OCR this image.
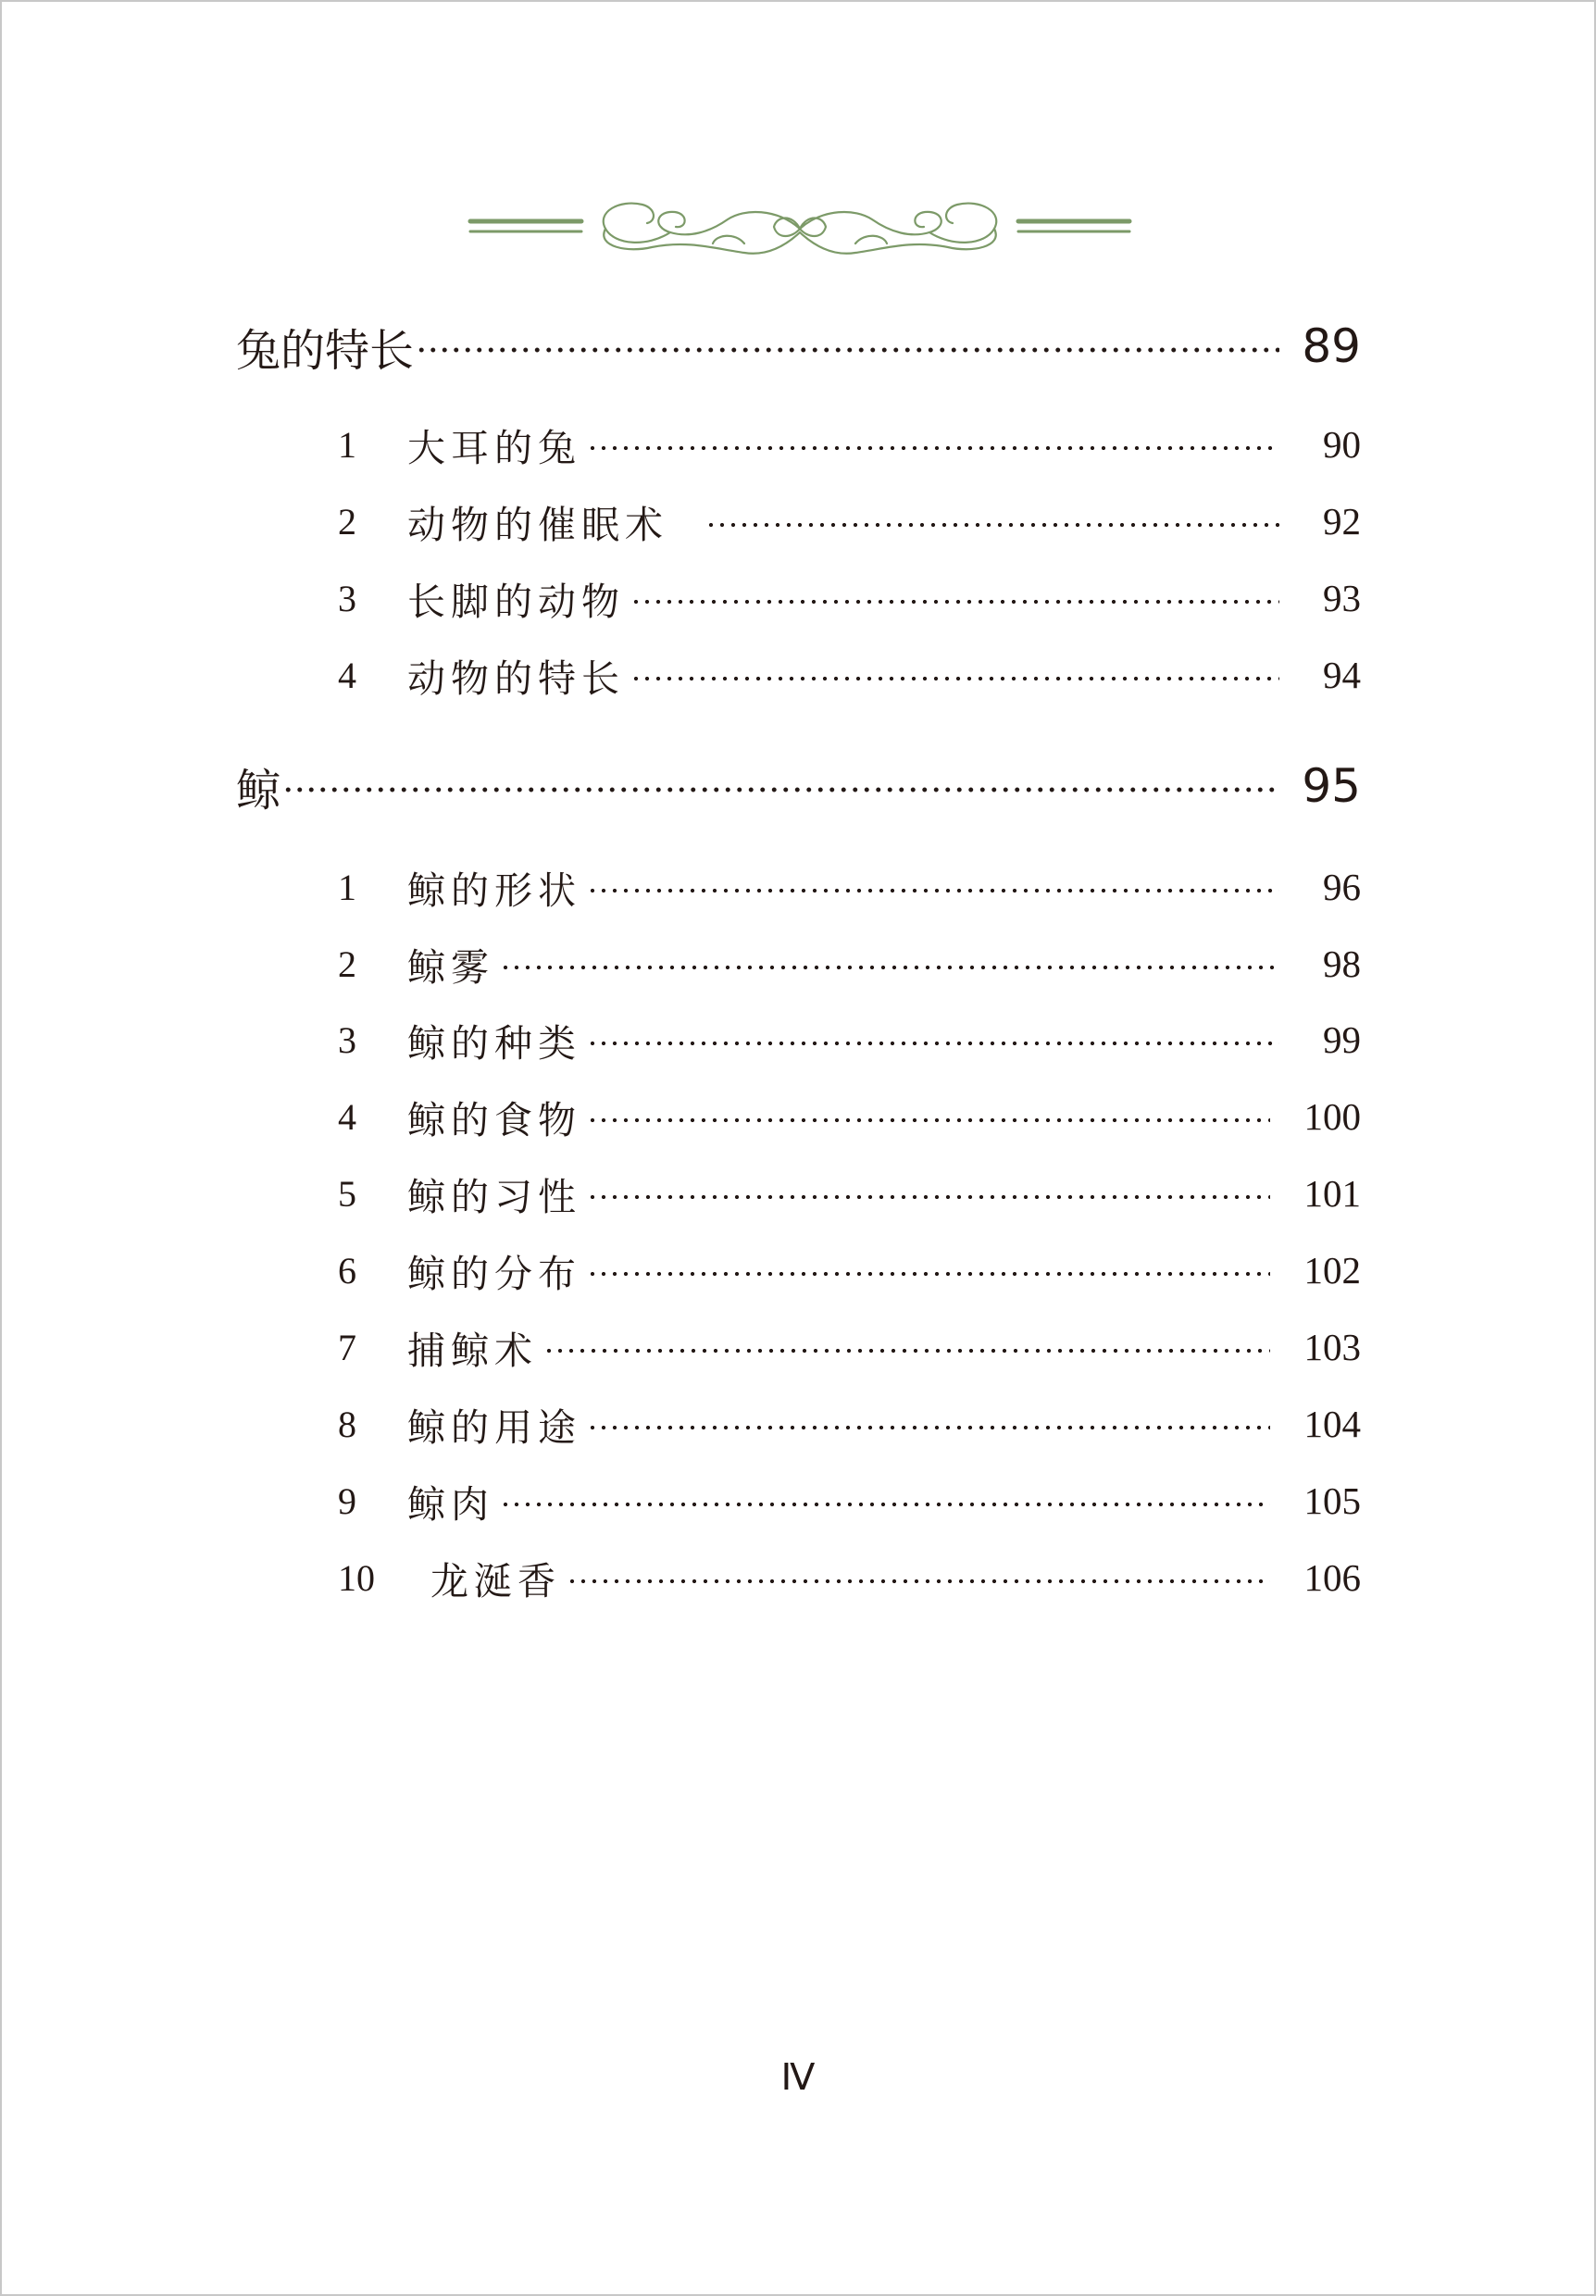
兔的特长	89
1	大耳的兔	90
2	动物的催眠术	92
3	长脚的动物	93
4	动物的特长	94
鲸	95
1	鲸的形状	96
2	鲸雾	98
3	鲸的种类	99
4	鲸的食物	100
5	鲸的习性	101
6	鲸的分布	102
7	捕鲸术	103
8	鲸的用途	104
9	鲸肉	105
10	龙涎香	106
Ⅳ
